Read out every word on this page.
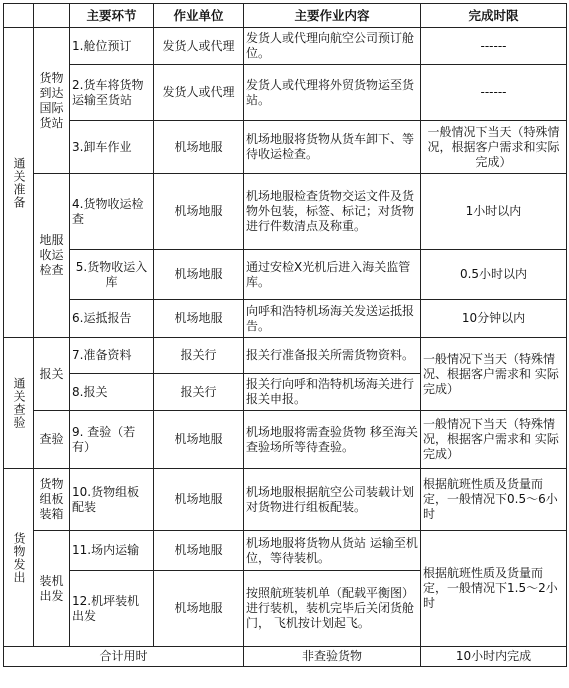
		主要环节	作业单位	主要作业内容	完成时限
通关准备	货物到达国际货站	1.舱位预订	发货人或代理	发货人或代理向航空公司预订舱位。	------
		2.货车将货物运输至货站	发货人或代理	发货人或代理将外贸货物运至货站。	------
		3.卸车作业	机场地服	机场地服将货物从货车卸下、等待收运检查。	一般情况下当天（特殊情况，根据客户需求和实际完成）
	地服收运检查	4.货物收运检查	机场地服	机场地服检查货物交运文件及货物外包装，标签、标记；对货物进行件数清点及称重。	1小时以内
		5.货物收运入库	机场地服	通过安检X光机后进入海关监管库。	0.5小时以内
		6.运抵报告	机场地服	向呼和浩特机场海关发送运抵报告。	10分钟以内
通关查验	报关	7.准备资料	报关行	报关行准备报关所需货物资料。	一般情况下当天（特殊情况、根据客户需求和 实际完成）
		8.报关	报关行	报关行向呼和浩特机场海关进行报关申报。	
	查验	9. 查验（若有）	机场地服	机场地服将需查验货物 移至海关查验场所等待查验。	一般情况下当天（特殊情况，根据客户需求和 实际完成）
货物发出	货物组板装箱	10.货物组板配装	机场地服	机场地服根据航空公司装载计划对货物进行组板配装。	根据航班性质及货量而定，一般情况下0.5～6小时
	装机出发	11.场内运输	机场地服	机场地服将货物从货站 运输至机位，等待装机。	根据航班性质及货量而定，一般情况下1.5～2小时
		12.机坪装机出发	机场地服	按照航班装机单（配载平衡图）进行装机，装机完毕后关闭货舱门， 飞机按计划起飞。	
合计用时				非查验货物	10小时内完成
